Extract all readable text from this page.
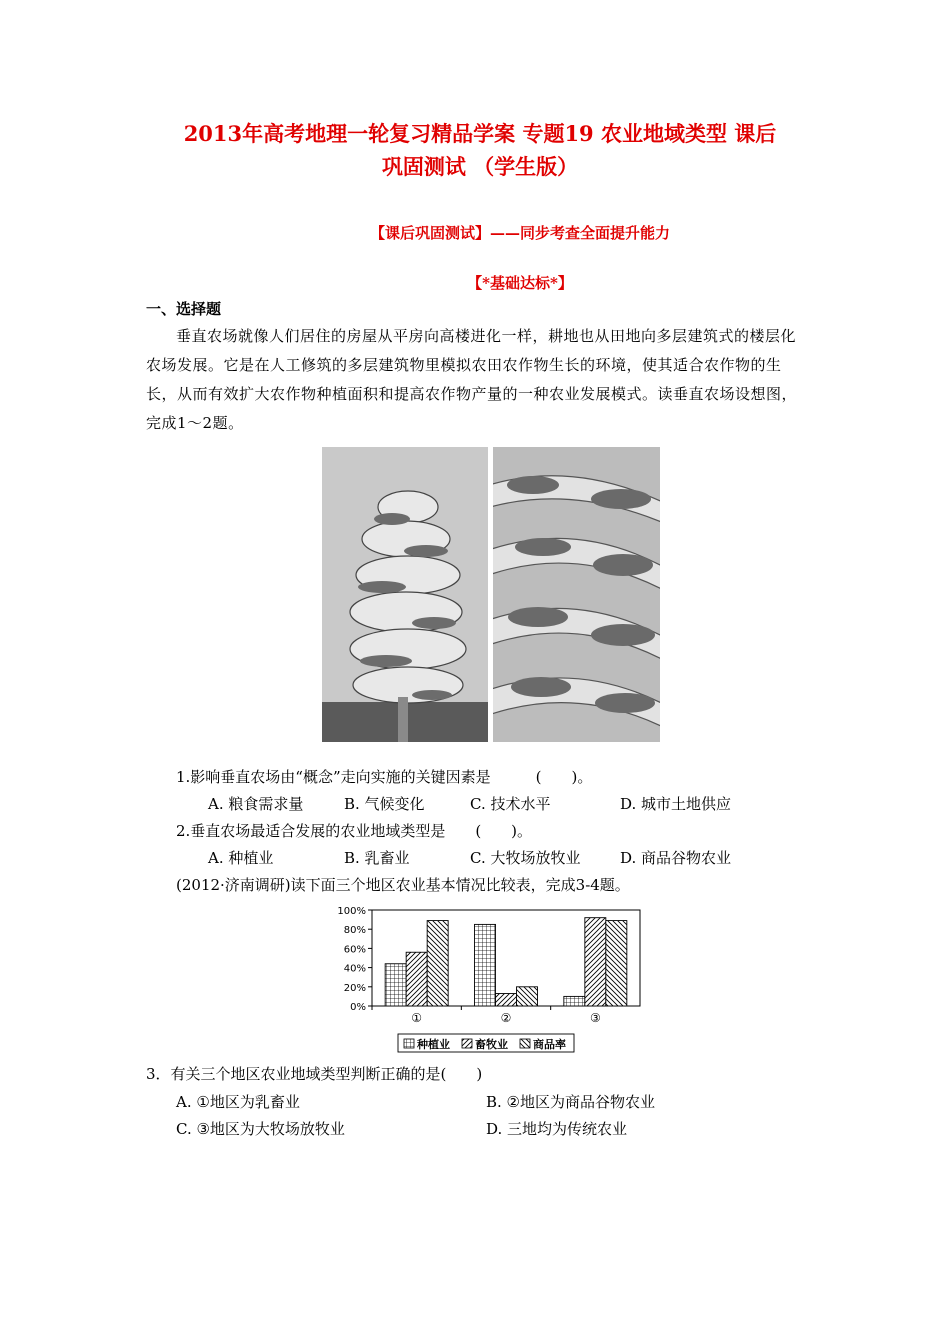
2013年高考地理一轮复习精品学案 专题19 农业地域类型 课后
巩固测试 （学生版）
【课后巩固测试】——同步考查全面提升能力
【*基础达标*】
一、选择题
垂直农场就像人们居住的房屋从平房向高楼进化一样，耕地也从田地向多层建筑式的楼层化农场发展。它是在人工修筑的多层建筑物里模拟农田农作物生长的环境，使其适合农作物的生长，从而有效扩大农作物种植面积和提高农作物产量的一种农业发展模式。读垂直农场设想图，完成1～2题。
1.影响垂直农场由“概念”走向实施的关键因素是　　　(　　)。
A. 粮食需求量	B. 气候变化	C. 技术水平	D. 城市土地供应
2.垂直农场最适合发展的农业地域类型是　　(　　)。
A. 种植业	B. 乳畜业	C. 大牧场放牧业	D. 商品谷物农业
(2012·济南调研)读下面三个地区农业基本情况比较表，完成3-4题。
0%
20%
40%
60%
80%
100%
①	②	③
种植业 畜牧业 商品率
3．有关三个地区农业地域类型判断正确的是(　　)
A. ①地区为乳畜业	B. ②地区为商品谷物农业
C. ③地区为大牧场放牧业	D. 三地均为传统农业
